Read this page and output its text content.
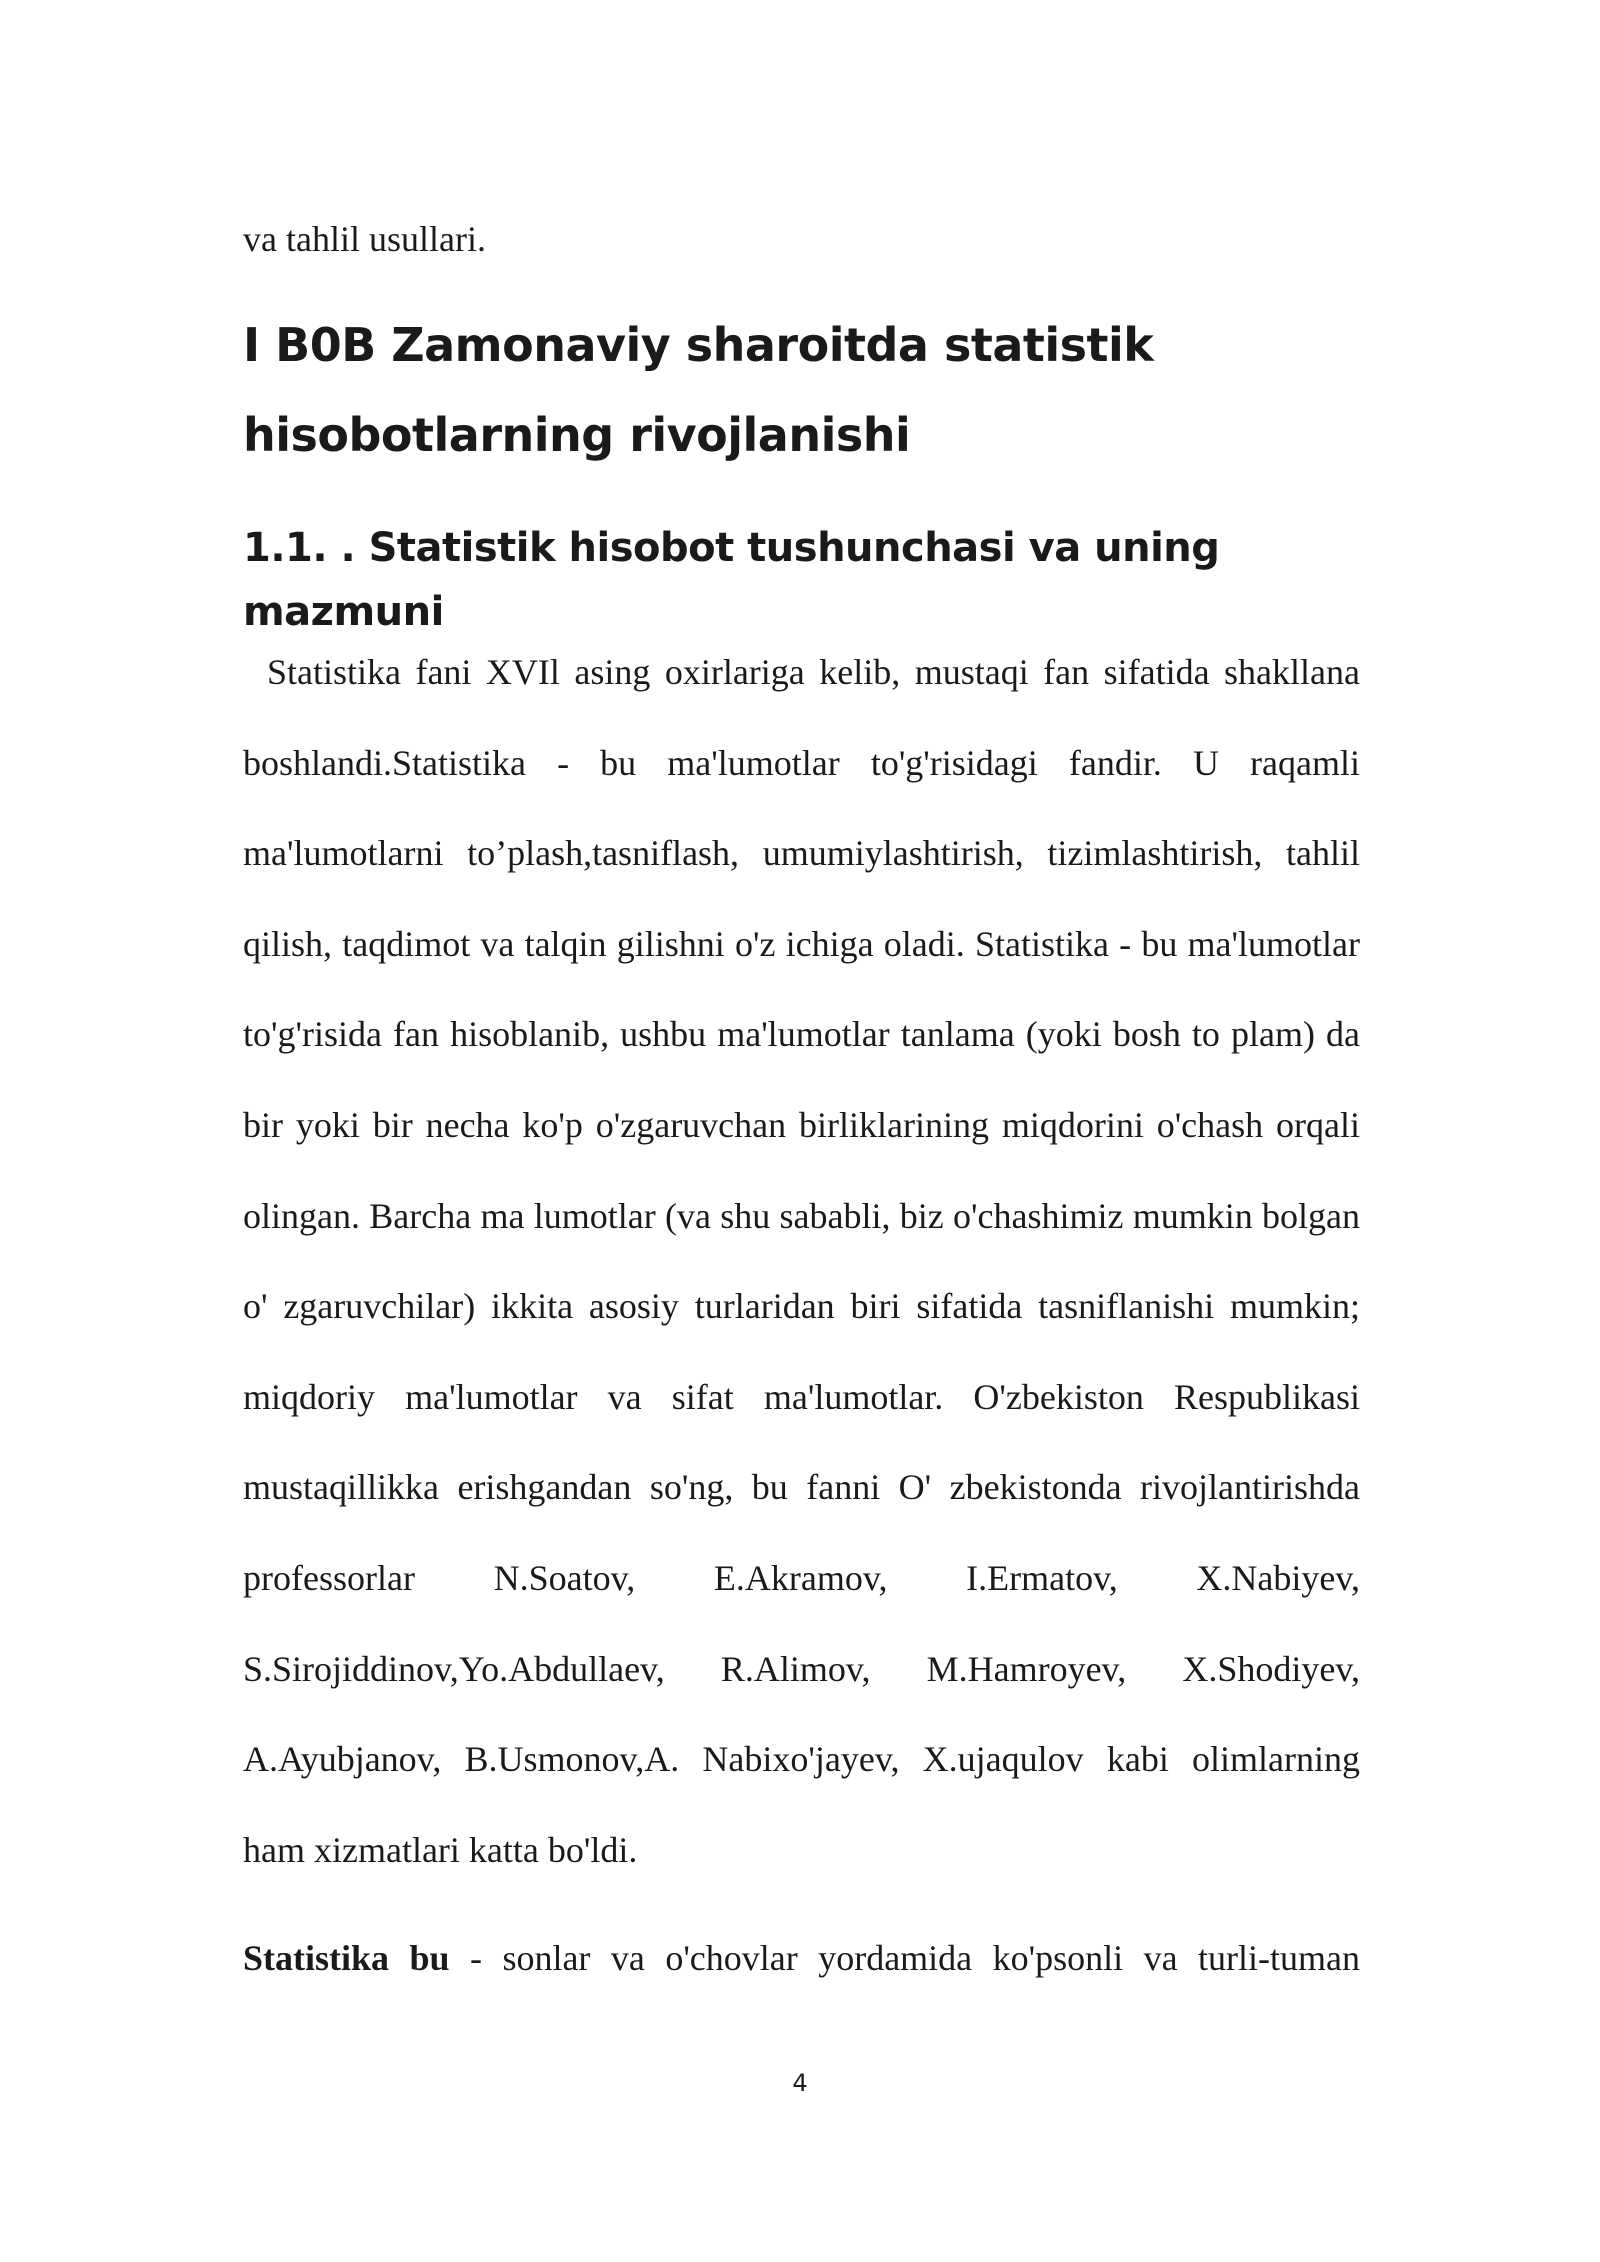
va tahlil usullari.

I B0B Zamonaviy sharoitda statistik hisobotlarning rivojlanishi
1.1. . Statistik hisobot tushunchasi va uning mazmuni

Statistika fani XVIl asing oxirlariga kelib, mustaqi fan sifatida shakllana boshlandi.Statistika - bu ma'lumotlar to'g'risidagi fandir. U raqamli ma'lumotlarni to’plash,tasniflash, umumiylashtirish, tizimlashtirish, tahlil qilish, taqdimot va talqin gilishni o'z ichiga oladi. Statistika - bu ma'lumotlar to'g'risida fan hisoblanib, ushbu ma'lumotlar tanlama (yoki bosh to plam) da bir yoki bir necha ko'p o'zgaruvchan birliklarining miqdorini o'chash orqali olingan. Barcha ma lumotlar (va shu sababli, biz o'chashimiz mumkin bolgan o' zgaruvchilar) ikkita asosiy turlaridan biri sifatida tasniflanishi mumkin; miqdoriy ma'lumotlar va sifat ma'lumotlar. O'zbekiston Respublikasi mustaqillikka erishgandan so'ng, bu fanni O' zbekistonda rivojlantirishda professorlar N.Soatov, E.Akramov, I.Ermatov, X.Nabiyev, S.Sirojiddinov,Yo.Abdullaev, R.Alimov, M.Hamroyev, X.Shodiyev, A.Ayubjanov, B.Usmonov,A. Nabixo'jayev, X.ujaqulov kabi olimlarning ham xizmatlari katta bo'ldi.

Statistika bu - sonlar va o'chovlar yordamida ko'psonli va turli-tuman

4
